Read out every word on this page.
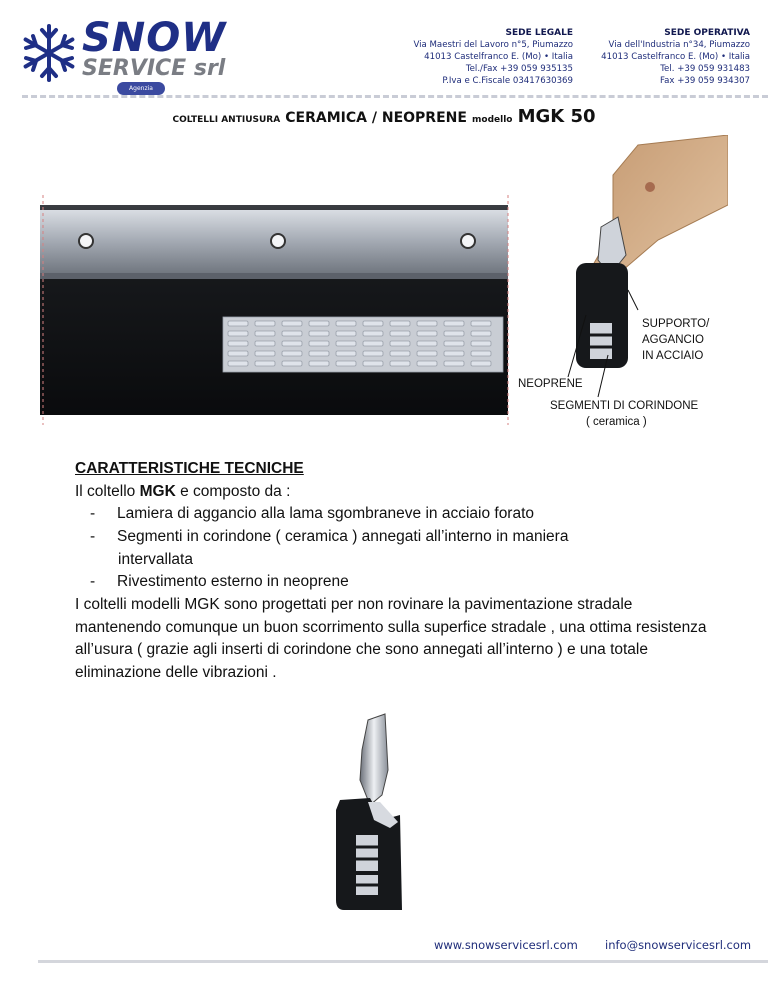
SNOW
SERVICE srl
Agenzia
SEDE LEGALE
Via Maestri del Lavoro n°5, Piumazzo
41013 Castelfranco E. (Mo) • Italia
Tel./Fax +39 059 935135
P.Iva e C.Fiscale 03417630369
SEDE OPERATIVA
Via dell'Industria n°34, Piumazzo
41013 Castelfranco E. (Mo) • Italia
Tel. +39 059 931483
Fax +39 059 934307
COLTELLI ANTIUSURA CERAMICA / NEOPRENE modello MGK 50
SUPPORTO/
AGGANCIO
IN ACCIAIO
NEOPRENE
SEGMENTI DI CORINDONE
( ceramica )
CARATTERISTICHE TECNICHE
Il coltello MGK e composto da :
- Lamiera di aggancio alla lama sgombraneve in acciaio forato
- Segmenti in corindone ( ceramica ) annegati all’interno in maniera
intervallata
- Rivestimento esterno in neoprene
I coltelli modelli MGK sono progettati per non rovinare la pavimentazione stradale mantenendo comunque un buon scorrimento sulla superfice stradale , una ottima resistenza all’usura ( grazie agli inserti di corindone che sono annegati all’interno ) e una totale eliminazione delle vibrazioni .
www.snowservicesrl.com info@snowservicesrl.com
